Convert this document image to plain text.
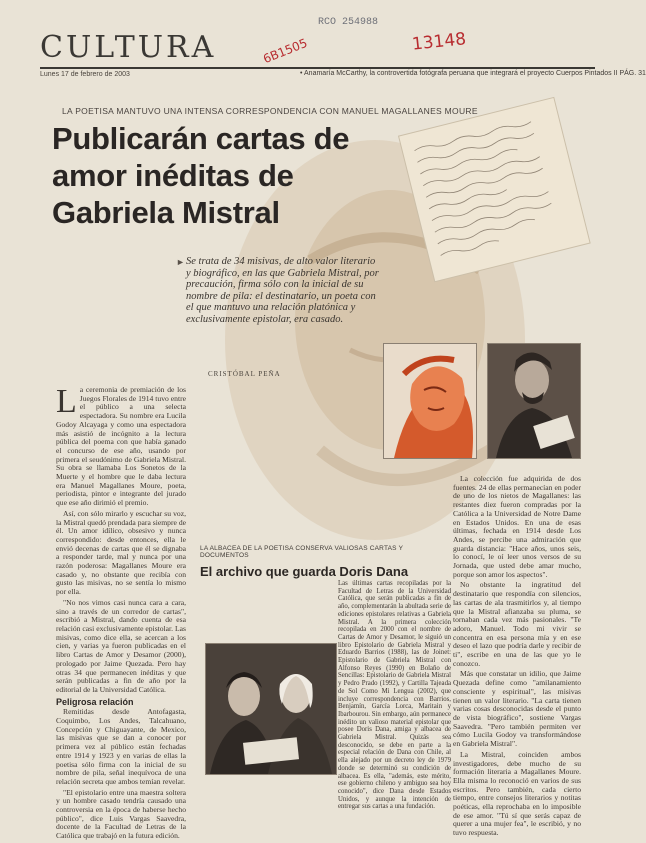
CULTURA
Lunes 17 de febrero de 2003	• Anamaría McCarthy, la controvertida fotógrafa peruana que integrará el proyecto Cuerpos Pintados II PÁG. 31
RCO 254988
13148
6B1505
LA POETISA MANTUVO UNA INTENSA CORRESPONDENCIA CON MANUEL MAGALLANES MOURE
Publicarán cartas de amor inéditas de Gabriela Mistral
► Se trata de 34 misivas, de alto valor literario y biográfico, en las que Gabriela Mistral, por precaución, firma sólo con la inicial de su nombre de pila: el destinatario, un poeta con el que mantuvo una relación platónica y exclusivamente epistolar, era casado.
CRISTÓBAL PEÑA

La ceremonia de premiación de los Juegos Florales de 1914 tuvo entre el público a una selecta espectadora. Su nombre era Lucila Godoy Alcayaga y como una espectadora más asistió de incógnito a la lectura pública del poema con que había ganado el concurso de ese año, usando por primera el seudónimo de Gabriela Mistral. Su obra se llamaba Los Sonetos de la Muerte y el hombre que le daba lectura era Manuel Magallanes Moure, poeta, periodista, pintor e integrante del jurado que ese año dirimió el premio.

Así, con sólo mirarlo y escuchar su voz, la Mistral quedó prendada para siempre de él. Un amor idílico, obsesivo y nunca correspondido: desde entonces, ella le envió decenas de cartas que él se dignaba a responder tarde, mal y nunca por una razón poderosa: Magallanes Moure era casado y, no obstante que recibía con gusto las misivas, no se sentía lo mismo por ella.

"No nos vimos casi nunca cara a cara, sino a través de un corredor de cartas", escribió a Mistral, dando cuenta de esa relación casi exclusivamente epistolar. Las misivas, como dice ella, se acercan a los cien, y varias ya fueron publicadas en el libro Cartas de Amor y Desamor (2000), prologado por Jaime Quezada. Pero hay otras 34 que permanecen inéditas y que serán publicadas a fin de año por la editorial de la Universidad Católica.

Peligrosa relación

Remitidas desde Antofagasta, Coquimbo, Los Andes, Talcahuano, Concepción y Chiguayante, de Mexico, las misivas que se dan a conocer por primera vez al público están fechadas entre 1914 y 1923 y en varias de ellas la poetisa sólo firma con la inicial de su nombre de pila, señal inequívoca de una relación secreta que ambos temían revelar.

"El epistolario entre una maestra soltera y un hombre casado tendría causado una controversia en la época de haberse hecho público", dice Luis Vargas Saavedra, docente de la Facultad de Letras de la Católica que trabajó en la futura edición.

La colección fue adquirida de dos fuentes. 24 de ellas permanecían en poder de uno de los nietos de Magallanes: las restantes diez fueron compradas por la Católica a la Universidad de Notre Dame en Estados Unidos. En una de esas últimas, fechada en 1914 desde Los Andes, se percibe una admiración que guarda distancia: "Hace años, unos seis, lo conocí, le oí leer unos versos de su Jornada, que usted debe amar mucho, porque son amor los aspectos".

No obstante la ingratitud del destinatario que respondía con silencios, las cartas de ala trasmitirlos y, al tiempo que la Mistral afianzaba su pluma, se tornaban cada vez más pasionales. "Te adoro, Manuel. Todo mi vivir se concentra en esa persona mía y en ese deseo el lazo que podría darle y recibir de ti", escribe en una de las que yo le conozco.

Más que constatar un idilio, que Jaime Quezada define como "amilanamiento consciente y espiritual", las misivas tienen un valor literario. "La carta tienen varias cosas desconocidas desde el punto de vista biográfico", sostiene Vargas Saavedra. "Pero también permiten ver cómo Lucila Godoy va transformándose en Gabriela Mistral".

La Mistral, coinciden ambos investigadores, debe mucho de su formación literaria a Magallanes Moure. Ella misma lo reconoció en varios de sus escritos. Pero también, cada cierto tiempo, entre consejos literarios y notitas poéticas, ella reprochaba en lo imposible de ese amor. "Tú sí que serás capaz de querer a una mujer fea", le escribió, y no tuvo respuesta.

LA ALBACEA DE LA POETISA CONSERVA VALIOSAS CARTAS Y DOCUMENTOS
El archivo que guarda Doris Dana
Las últimas cartas recopiladas por la Facultad de Letras de la Universidad Católica, que serán publicadas a fin de año, complementarán la abultada serie de ediciones epistolares relativas a Gabriela Mistral. A la primera colección recopilada en 2000 con el nombre de Cartas de Amor y Desamor, le siguió un libro Epistolario de Gabriela Mistral y Eduardo Barrios (1988), las de Joinet: Epistolario de Gabriela Mistral con Alfonso Reyes (1990) en Bolaño de Sencillas: Epistolario de Gabriela Mistral y Pedro Prado (1992), y Cartilla Tajeada de Sol Como Mi Lengua (2002), que incluye correspondencia con Barrios, Benjamín, García Lorca, Maritain y Ibarbourou. Sin embargo, aún permanece inédito un valioso material epistolar que posee Doris Dana, amiga y albacea de Gabriela Mistral. Quizás sea desconocido, se debe en parte a la especial relación de Dana con Chile, al ella alejado por un decreto ley de 1979 donde se determinó su condición de albacea. Es ella, "además, este mérito, ese gobierno chileno y ambiguo sea hoy conocido", dice Dana desde Estados Unidos, y aunque la intención de entregar sus cartas a una fundación.
